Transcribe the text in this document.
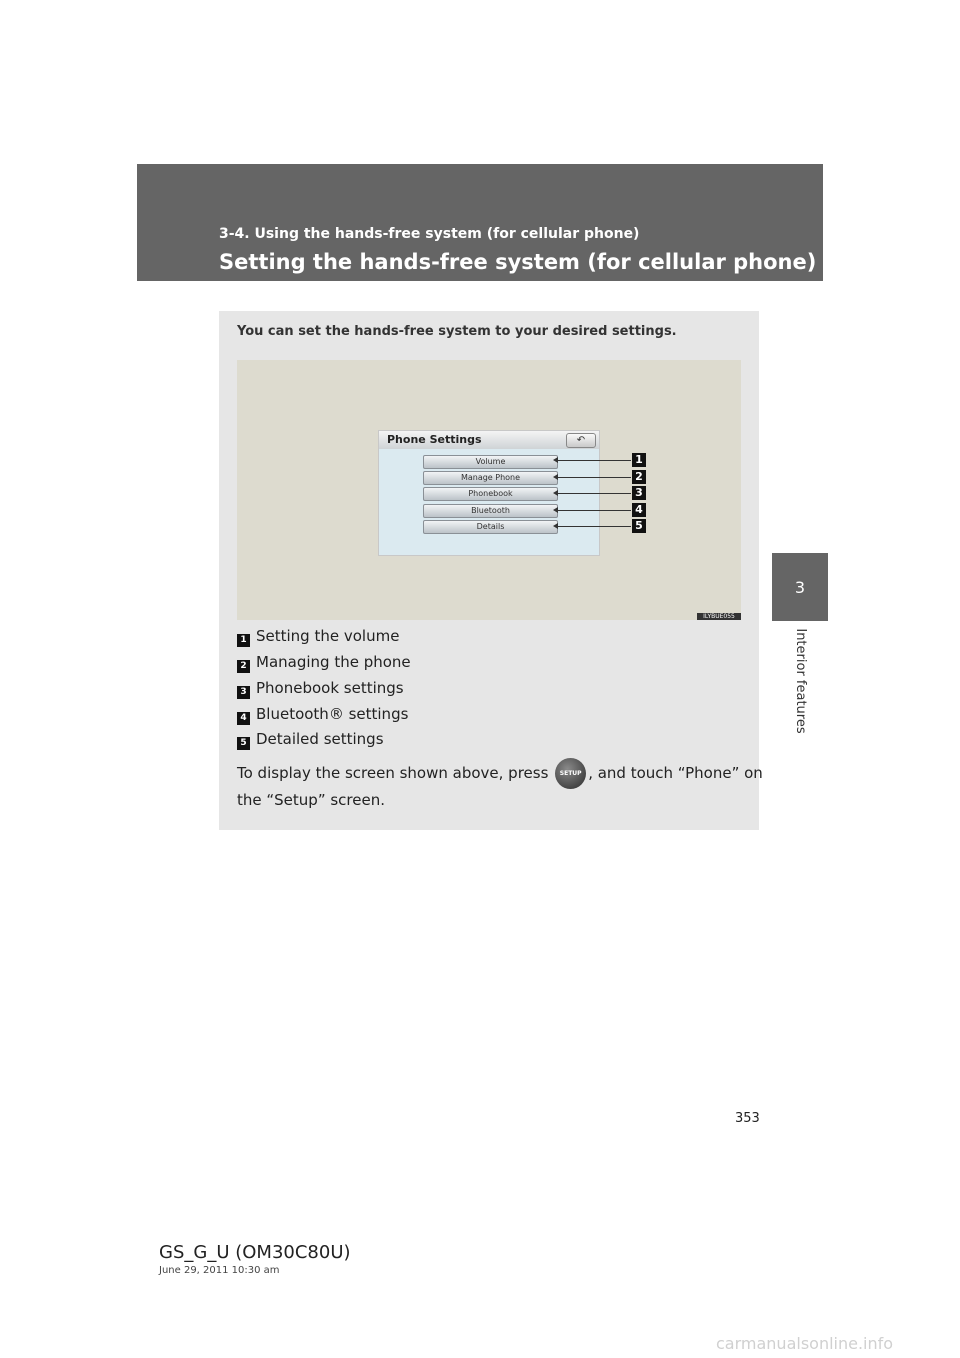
3-4. Using the hands-free system (for cellular phone)
Setting the hands-free system (for cellular phone)
3
Interior features
You can set the hands-free system to your desired settings.
Phone Settings	↶
Volume
Manage Phone
Phonebook
Bluetooth
Details
1
2
3
4
5
ILYBUE055
1 Setting the volume
2 Managing the phone
3 Phonebook settings
4 Bluetooth® settings
5 Detailed settings
To display the screen shown above, press SETUP , and touch “Phone” on
the “Setup” screen.
353
GS_G_U (OM30C80U)
June 29, 2011 10:30 am
carmanualsonline.info
